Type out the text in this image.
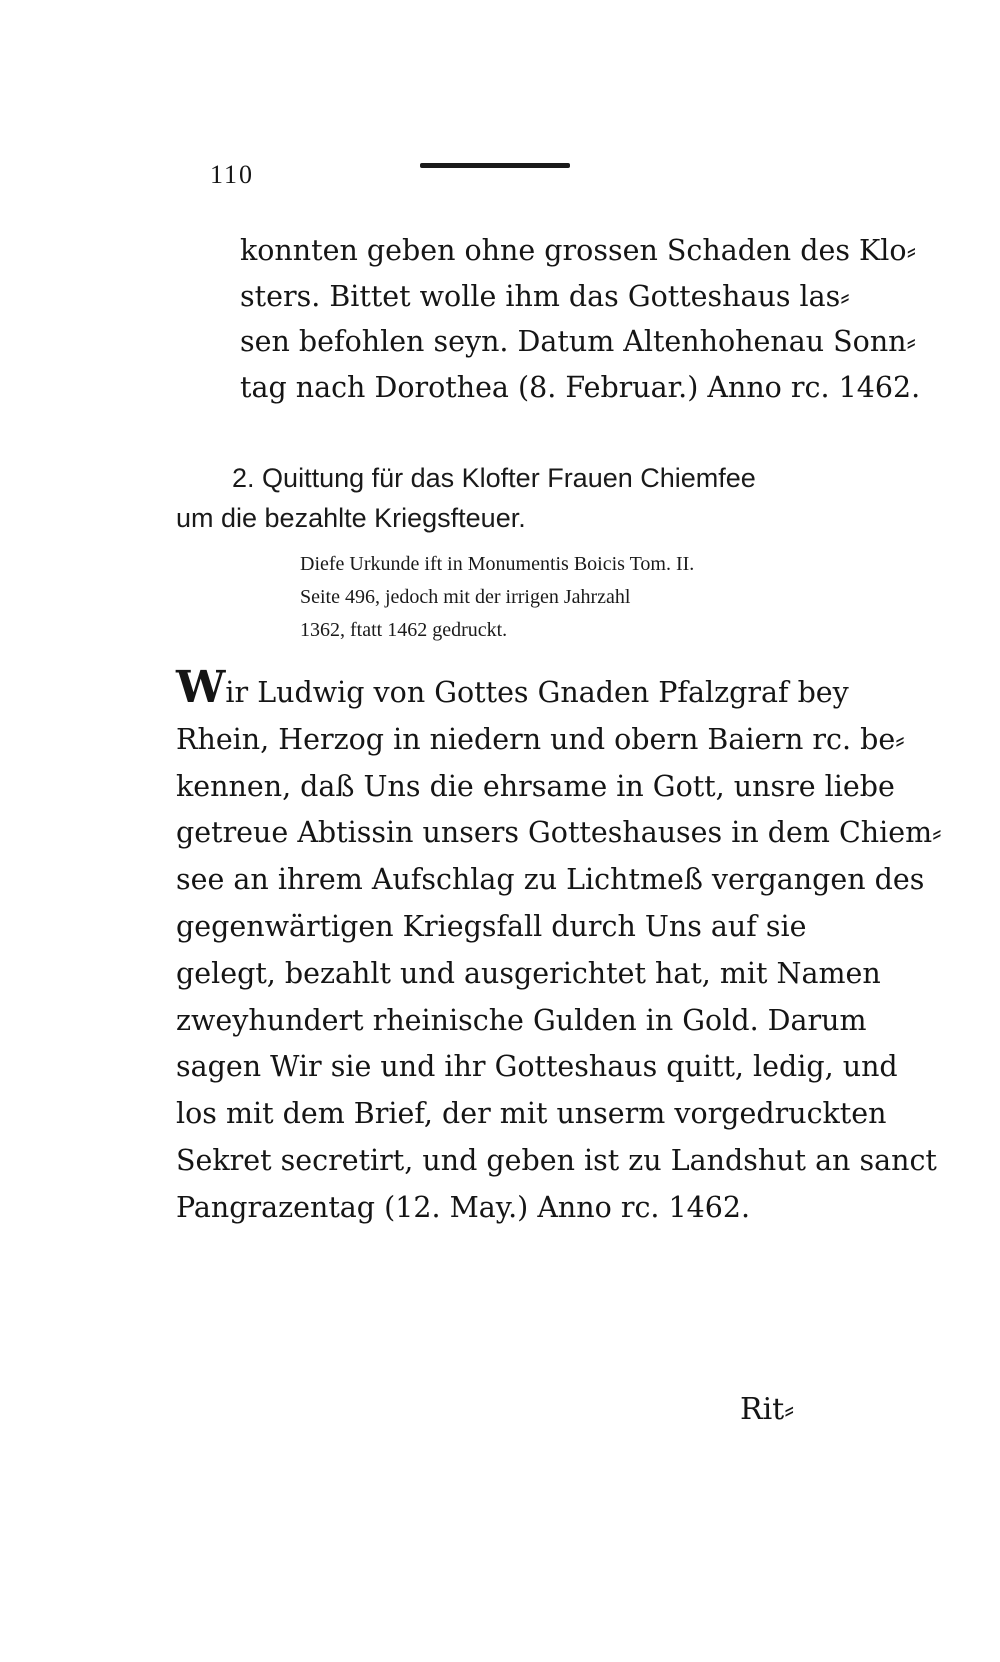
110
konnten geben ohne grossen Schaden des Klo⸗
sters. Bittet wolle ihm das Gotteshaus las⸗
sen befohlen seyn. Datum Altenhohenau Sonn⸗
tag nach Dorothea (8. Februar.) Anno rc. 1462.
2. Quittung für das Klofter Frauen Chiemfee
um die bezahlte Kriegsfteuer.
Diefe Urkunde ift in Monumentis Boicis Tom. II.
Seite 496, jedoch mit der irrigen Jahrzahl
1362, ftatt 1462 gedruckt.
Wir Ludwig von Gottes Gnaden Pfalzgraf bey
Rhein, Herzog in niedern und obern Baiern rc. be⸗
kennen, daß Uns die ehrsame in Gott, unsre liebe
getreue Abtissin unsers Gotteshauses in dem Chiem⸗
see an ihrem Aufschlag zu Lichtmeß vergangen des
gegenwärtigen Kriegsfall durch Uns auf sie
gelegt, bezahlt und ausgerichtet hat, mit Namen
zweyhundert rheinische Gulden in Gold. Darum
sagen Wir sie und ihr Gotteshaus quitt, ledig, und
los mit dem Brief, der mit unserm vorgedruckten
Sekret secretirt, und geben ist zu Landshut an sanct
Pangrazentag (12. May.) Anno rc. 1462.
Rit⸗
